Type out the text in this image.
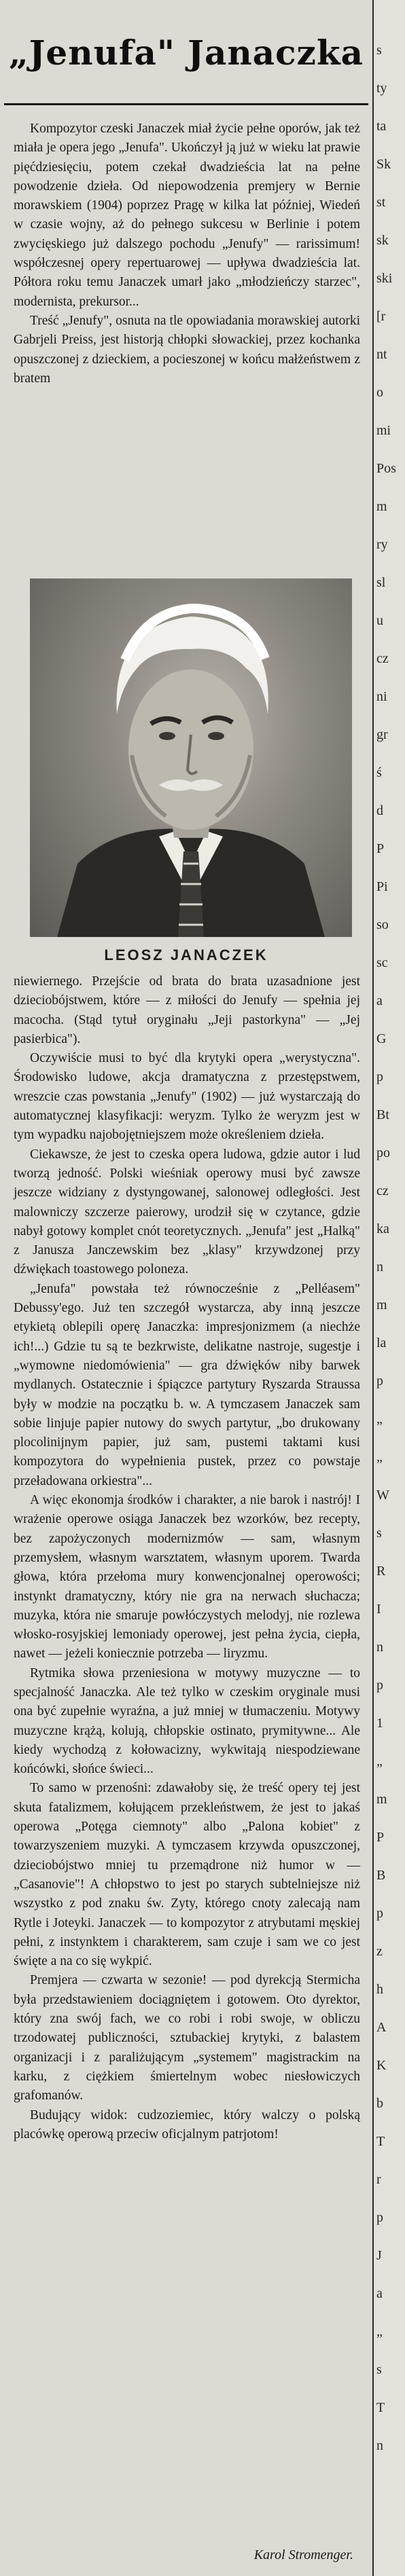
„Jenufa" Janaczka

Kompozytor czeski Janaczek miał życie pełne oporów, jak też miała je opera jego „Jenufa". Ukończył ją już w wieku lat prawie pięćdziesięciu, potem czekał dwadzieścia lat na pełne powodzenie dzieła. Od niepowodzenia premjery w Bernie morawskiem (1904) poprzez Pragę w kilka lat później, Wiedeń w czasie wojny, aż do pełnego sukcesu w Berlinie i potem zwycięskiego już dalszego pochodu „Jenufy" — rarissimum! współczesnej opery repertuarowej — upływa dwadzieścia lat. Półtora roku temu Janaczek umarł jako „młodzieńczy starzec", modernista, prekursor...

Treść „Jenufy", osnuta na tle opowiadania morawskiej autorki Gabrjeli Preiss, jest historją chłopki słowackiej, przez kochanka opuszczonej z dzieckiem, a pocieszonej w końcu małżeństwem z bratem

LEOSZ JANACZEK

niewiernego. Przejście od brata do brata uzasadnione jest dzieciobójstwem, które — z miłości do Jenufy — spełnia jej macocha. (Stąd tytuł oryginału „Jeji pastorkyna" — „Jej pasierbica").

Oczywiście musi to być dla krytyki opera „werystyczna". Środowisko ludowe, akcja dramatyczna z przestępstwem, wreszcie czas powstania „Jenufy" (1902) — już wystarczają do automatycznej klasyfikacji: weryzm. Tylko że weryzm jest w tym wypadku najobojętniejszem może określeniem dzieła.

Ciekawsze, że jest to czeska opera ludowa, gdzie autor i lud tworzą jedność. Polski wieśniak operowy musi być zawsze jeszcze widziany z dystyngowanej, salonowej odległości. Jest malowniczy szczerze paierowy, urodził się w czytance, gdzie nabył gotowy komplet cnót teoretycznych. „Jenufa" jest „Halką" z Janusza Janczewskim bez „klasy" krzywdzonej przy dźwiękach toastowego poloneza.

„Jenufa" powstała też równocześnie z „Pelléasem" Debussy'ego. Już ten szczegół wystarcza, aby inną jeszcze etykietą oblepili operę Janaczka: impresjonizmem (a niechże ich!...) Gdzie tu są te bezkrwiste, delikatne nastroje, sugestje i „wymowne niedomówienia" — gra dźwięków niby barwek mydlanych. Ostatecznie i śpiączce partytury Ryszarda Straussa były w modzie na początku b. w. A tymczasem Janaczek sam sobie linjuje papier nutowy do swych partytur, „bo drukowany plocolinijnym papier, już sam, pustemi taktami kusi kompozytora do wypełnienia pustek, przez co powstaje przeładowana orkiestra"...

A więc ekonomja środków i charakter, a nie barok i nastrój! I wrażenie operowe osiąga Janaczek bez wzorków, bez recepty, bez zapożyczonych modernizmów — sam, własnym przemysłem, własnym warsztatem, własnym uporem. Twarda głowa, która przełoma mury konwencjonalnej operowości; instynkt dramatyczny, który nie gra na nerwach słuchacza; muzyka, która nie smaruje powłóczystych melodyj, nie rozlewa włosko-rosyjskiej lemoniady operowej, jest pełna życia, ciepła, nawet — jeżeli koniecznie potrzeba — liryzmu.

Rytmika słowa przeniesiona w motywy muzyczne — to specjalność Janaczka. Ale też tylko w czeskim oryginale musi ona być zupełnie wyraźna, a już mniej w tłumaczeniu. Motywy muzyczne krążą, kolują, chłopskie ostinato, prymitywne... Ale kiedy wychodzą z kołowacizny, wykwitają niespodziewane końcówki, słońce świeci...

To samo w przenośni: zdawałoby się, że treść opery tej jest skuta fatalizmem, kołującem przekleństwem, że jest to jakaś operowa „Potęga ciemnoty" albo „Palona kobiet" z towarzyszeniem muzyki. A tymczasem krzywda opuszczonej, dzieciobójstwo mniej tu przemądrone niż humor w — „Casanovie"! A chłopstwo to jest po starych subtelniejsze niż wszystko z pod znaku św. Zyty, którego cnoty zalecają nam Rytle i Joteyki. Janaczek — to kompozytor z atrybutami męskiej pełni, z instynktem i charakterem, sam czuje i sam we co jest święte a na co się wykpić.

Premjera — czwarta w sezonie! — pod dyrekcją Stermicha była przedstawieniem dociągniętem i gotowem. Oto dyrektor, który zna swój fach, we co robi i robi swoje, w obliczu trzodowatej publiczności, sztubackiej krytyki, z balastem organizacji i z paraliżującym „systemem" magistrackim na karku, z ciężkiem śmiertelnym wobec niesłowiczych grafomanów.

Budujący widok: cudzoziemiec, który walczy o polską placówkę operową przeciw oficjalnym patrjotom!

Karol Stromenger.

s
ty
ta
Sk
st
sk
ski
[r
nt
o
mi
Pos
m
ry
sl
u
cz
ni
gr
ś
d
P
Pi
so
sc
a
G
p
Bt
po
cz
ka
n
m
la
p
„
„
W
s
R
I
n
p
1
„
m
P
B
p
z
h
A
K
b
T
r
p
J
a
„
s
T
n
